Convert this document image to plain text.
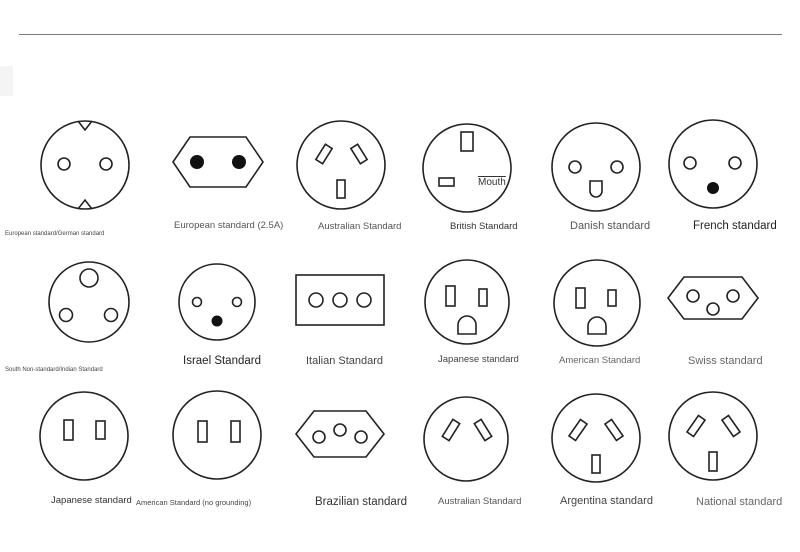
Mouth
European standard/German standard
European standard (2.5A)	Australian Standard	British Standard	Danish standard	French standard
South Non-standard/Indian Standard
Israel Standard	Italian Standard	Japanese standard	American Standard	Swiss standard
Japanese standard American Standard (no grounding)	Brazilian standard	Australian Standard	Argentina standard	National standard
